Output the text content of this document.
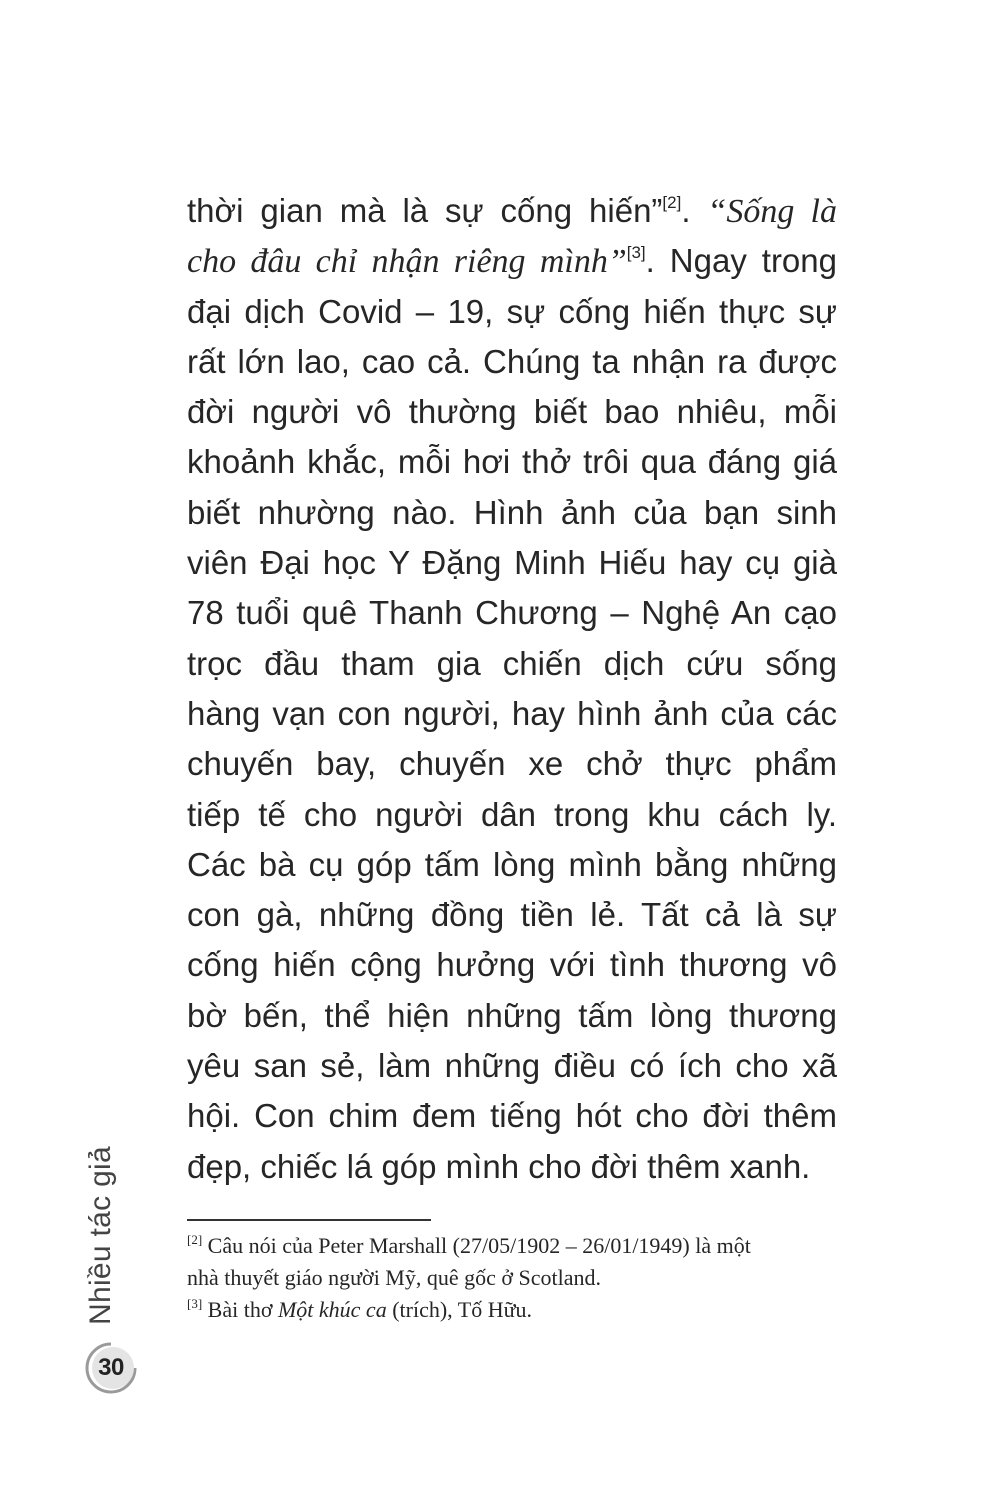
thời gian mà là sự cống hiến”[2]. “Sống là
cho đâu chỉ nhận riêng mình”[3]. Ngay trong
đại dịch Covid – 19, sự cống hiến thực sự
rất lớn lao, cao cả. Chúng ta nhận ra được
đời người vô thường biết bao nhiêu, mỗi
khoảnh khắc, mỗi hơi thở trôi qua đáng giá
biết nhường nào. Hình ảnh của bạn sinh
viên Đại học Y Đặng Minh Hiếu hay cụ già
78 tuổi quê Thanh Chương – Nghệ An cạo
trọc đầu tham gia chiến dịch cứu sống
hàng vạn con người, hay hình ảnh của các
chuyến bay, chuyến xe chở thực phẩm
tiếp tế cho người dân trong khu cách ly.
Các bà cụ góp tấm lòng mình bằng những
con gà, những đồng tiền lẻ. Tất cả là sự
cống hiến cộng hưởng với tình thương vô
bờ bến, thể hiện những tấm lòng thương
yêu san sẻ, làm những điều có ích cho xã
hội. Con chim đem tiếng hót cho đời thêm
đẹp, chiếc lá góp mình cho đời thêm xanh.
[2] Câu nói của Peter Marshall (27/05/1902 – 26/01/1949) là một
nhà thuyết giáo người Mỹ, quê gốc ở Scotland.
[3] Bài thơ Một khúc ca (trích), Tố Hữu.
Nhiều tác giả
30
